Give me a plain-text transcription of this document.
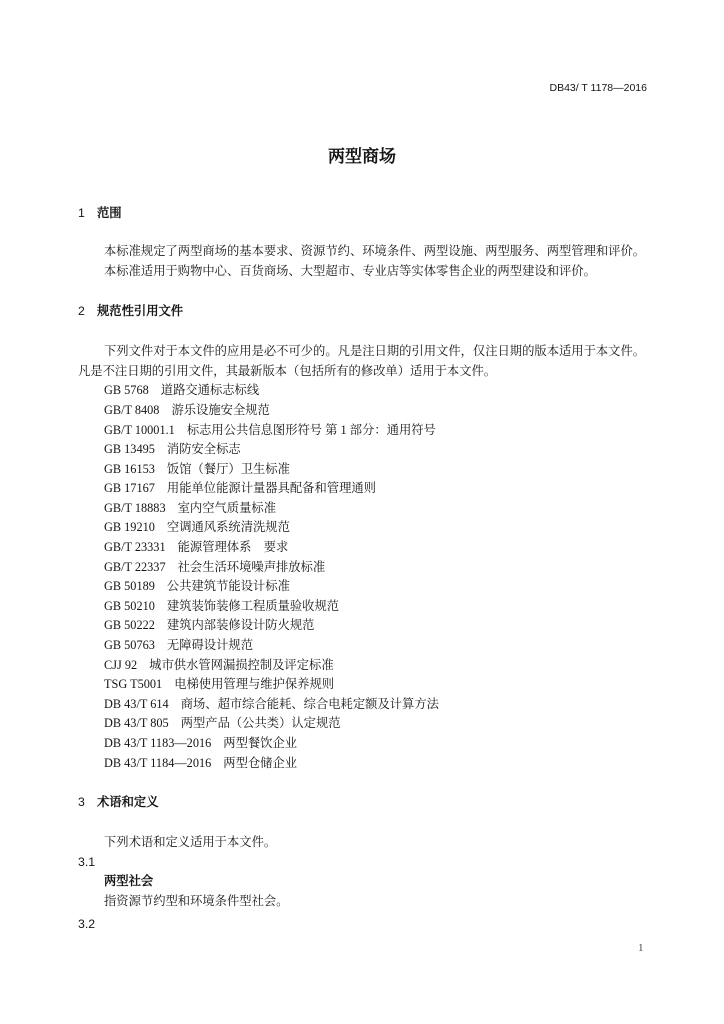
DB43/ T 1178—2016
两型商场
1 范围
本标准规定了两型商场的基本要求、资源节约、环境条件、两型设施、两型服务、两型管理和评价。
本标准适用于购物中心、百货商场、大型超市、专业店等实体零售企业的两型建设和评价。
2 规范性引用文件
下列文件对于本文件的应用是必不可少的。凡是注日期的引用文件，仅注日期的版本适用于本文件。
凡是不注日期的引用文件，其最新版本（包括所有的修改单）适用于本文件。
GB 5768 道路交通标志标线
GB/T 8408 游乐设施安全规范
GB/T 10001.1 标志用公共信息图形符号 第 1 部分：通用符号
GB 13495 消防安全标志
GB 16153 饭馆（餐厅）卫生标准
GB 17167 用能单位能源计量器具配备和管理通则
GB/T 18883 室内空气质量标准
GB 19210 空调通风系统清洗规范
GB/T 23331 能源管理体系　要求
GB/T 22337 社会生活环境噪声排放标准
GB 50189 公共建筑节能设计标准
GB 50210 建筑装饰装修工程质量验收规范
GB 50222 建筑内部装修设计防火规范
GB 50763 无障碍设计规范
CJJ 92 城市供水管网漏损控制及评定标准
TSG T5001 电梯使用管理与维护保养规则
DB 43/T 614 商场、超市综合能耗、综合电耗定额及计算方法
DB 43/T 805 两型产品（公共类）认定规范
DB 43/T 1183—2016 两型餐饮企业
DB 43/T 1184—2016 两型仓储企业
3 术语和定义
下列术语和定义适用于本文件。
3.1
两型社会
指资源节约型和环境条件型社会。
3.2
1
